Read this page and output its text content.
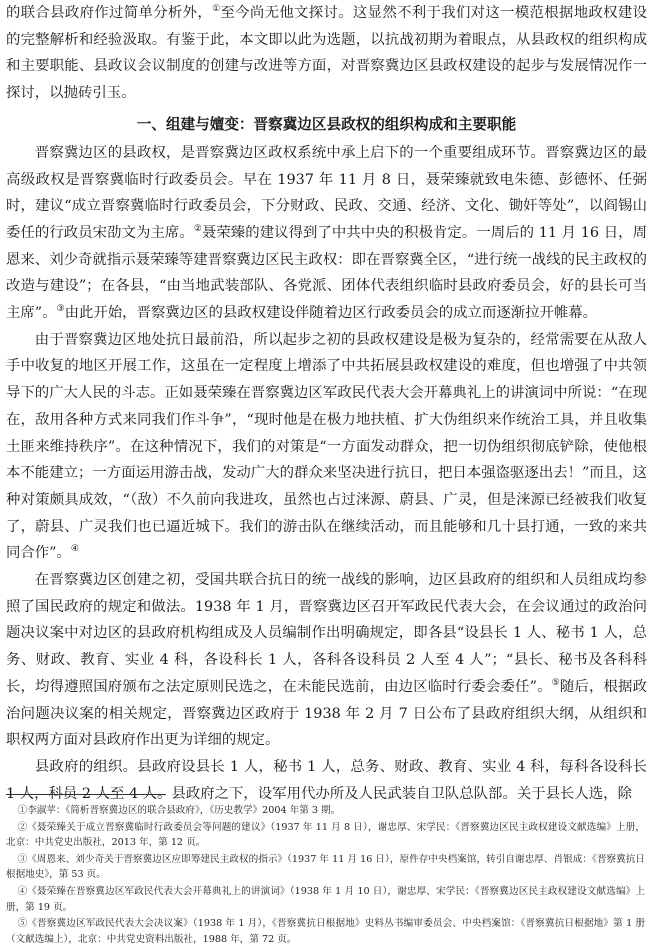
的联合县政府作过简单分析外，①至今尚无他文探讨。这显然不利于我们对这一模范根据地政权建设的完整解析和经验汲取。有鉴于此，本文即以此为选题，以抗战初期为着眼点，从县政权的组织构成和主要职能、县政议会议制度的创建与改进等方面，对晋察冀边区县政权建设的起步与发展情况作一探讨，以抛砖引玉。

一、组建与嬗变：晋察冀边区县政权的组织构成和主要职能

晋察冀边区的县政权，是晋察冀边区政权系统中承上启下的一个重要组成环节。晋察冀边区的最高级政权是晋察冀临时行政委员会。早在 1937 年 11 月 8 日，聂荣臻就致电朱德、彭德怀、任弼时，建议“成立晋察冀临时行政委员会，下分财政、民政、交通、经济、文化、锄奸等处”，以阎锡山委任的行政员宋劭文为主席。②聂荣臻的建议得到了中共中央的积极肯定。一周后的 11 月 16 日，周恩来、刘少奇就指示聂荣臻等建晋察冀边区民主政权：即在晋察冀全区，“进行统一战线的民主政权的改造与建设”；在各县，“由当地武装部队、各党派、团体代表组织临时县政府委员会，好的县长可当主席”。③由此开始，晋察冀边区的县政权建设伴随着边区行政委员会的成立而逐渐拉开帷幕。

由于晋察冀边区地处抗日最前沿，所以起步之初的县政权建设是极为复杂的，经常需要在从敌人手中收复的地区开展工作，这虽在一定程度上增添了中共拓展县政权建设的难度，但也增强了中共领导下的广大人民的斗志。正如聂荣臻在晋察冀边区军政民代表大会开幕典礼上的讲演词中所说：“在现在，敌用各种方式来同我们作斗争”，“现时他是在极力地扶植、扩大伪组织来作统治工具，并且收集土匪来维持秩序”。在这种情况下，我们的对策是“一方面发动群众，把一切伪组织彻底铲除，使他根本不能建立；一方面运用游击战，发动广大的群众来坚决进行抗日，把日本强盗驱逐出去！”而且，这种对策颇具成效，“（敌）不久前向我进攻，虽然也占过涞源、蔚县、广灵，但是涞源已经被我们收复了，蔚县、广灵我们也已逼近城下。我们的游击队在继续活动，而且能够和几十县打通，一致的来共同合作”。④

在晋察冀边区创建之初，受国共联合抗日的统一战线的影响，边区县政府的组织和人员组成均参照了国民政府的规定和做法。1938 年 1 月，晋察冀边区召开军政民代表大会，在会议通过的政治问题决议案中对边区的县政府机构组成及人员编制作出明确规定，即各县“设县长 1 人、秘书 1 人，总务、财政、教育、实业 4 科，各设科长 1 人，各科各设科员 2 人至 4 人”；“县长、秘书及各科科长，均得遵照国府颁布之法定原则民选之，在未能民选前，由边区临时行委会委任”。⑤随后，根据政治问题决议案的相关规定，晋察冀边区政府于 1938 年 2 月 7 日公布了县政府组织大纲，从组织和职权两方面对县政府作出更为详细的规定。

县政府的组织。县政府设县长 1 人，秘书 1 人，总务、财政、教育、实业 4 科，每科各设科长 1 人，科员 2 人至 4 人。县政府之下，设军用代办所及人民武装自卫队总队部。关于县长人选，除

①李淑苹：《简析晋察冀边区的联合县政府》，《历史教学》2004 年第 3 期。

②《聂荣臻关于成立晋察冀临时行政委员会等问题的建议》（1937 年 11 月 8 日），谢忠厚、宋学民：《晋察冀边区民主政权建设文献选编》上册，北京：中共党史出版社，2013 年，第 12 页。

③《周恩来、刘少奇关于晋察冀边区应即筹建民主政权的指示》（1937 年 11 月 16 日），原件存中央档案馆，转引自谢忠厚、肖银成：《晋察冀抗日根据地史》，第 53 页。

④《聂荣臻在晋察冀边区军政民代表大会开幕典礼上的讲演词》（1938 年 1 月 10 日），谢忠厚、宋学民：《晋察冀边区民主政权建设文献选编》上册，第 19 页。

⑤《晋察冀边区军政民代表大会决议案》（1938 年 1 月），《晋察冀抗日根据地》史料丛书编审委员会、中央档案馆：《晋察冀抗日根据地》第 1 册（文献选编上），北京：中共党史资料出版社，1988 年，第 72 页。
